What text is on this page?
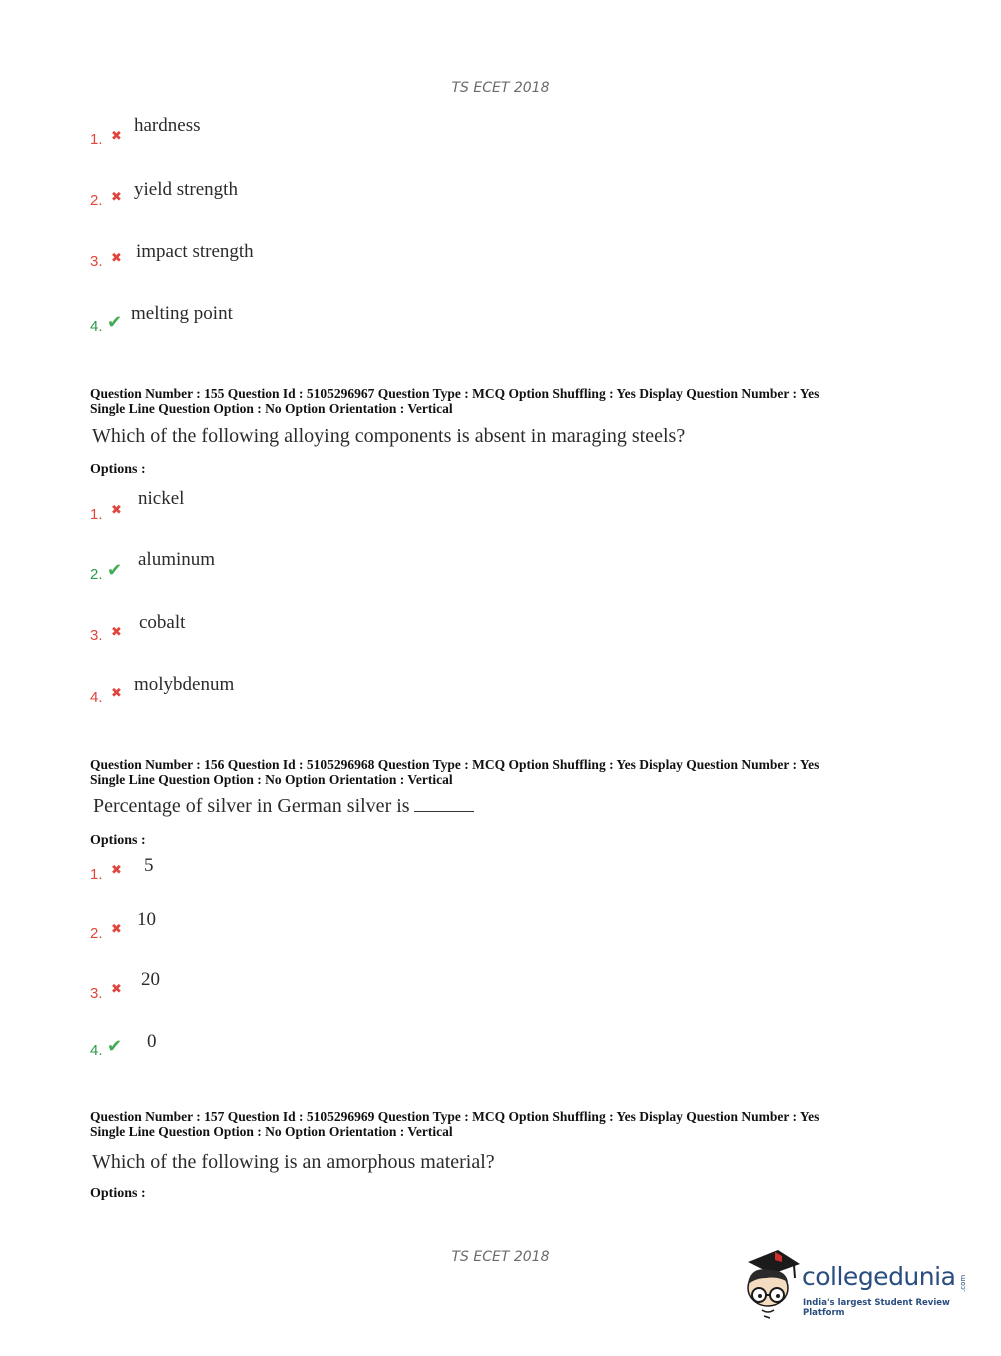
TS ECET 2018
1. ✖
hardness
2. ✖ yield strength
3. ✖ impact strength
4. ✔ melting point
Question Number : 155 Question Id : 5105296967 Question Type : MCQ Option Shuffling : Yes Display Question Number : Yes
Single Line Question Option : No Option Orientation : Vertical
Which of the following alloying components is absent in maraging steels?
Options :
1. ✖
nickel
2. ✔
aluminum
3. ✖ cobalt
4. ✖ molybdenum
Question Number : 156 Question Id : 5105296968 Question Type : MCQ Option Shuffling : Yes Display Question Number : Yes
Single Line Question Option : No Option Orientation : Vertical
Percentage of silver in German silver is
Options :
1. ✖ 5
2. ✖ 10
3. ✖ 20
4. ✔ 0
Question Number : 157 Question Id : 5105296969 Question Type : MCQ Option Shuffling : Yes Display Question Number : Yes
Single Line Question Option : No Option Orientation : Vertical
Which of the following is an amorphous material?
Options :
TS ECET 2018
collegedunia .com
India's largest Student Review Platform
